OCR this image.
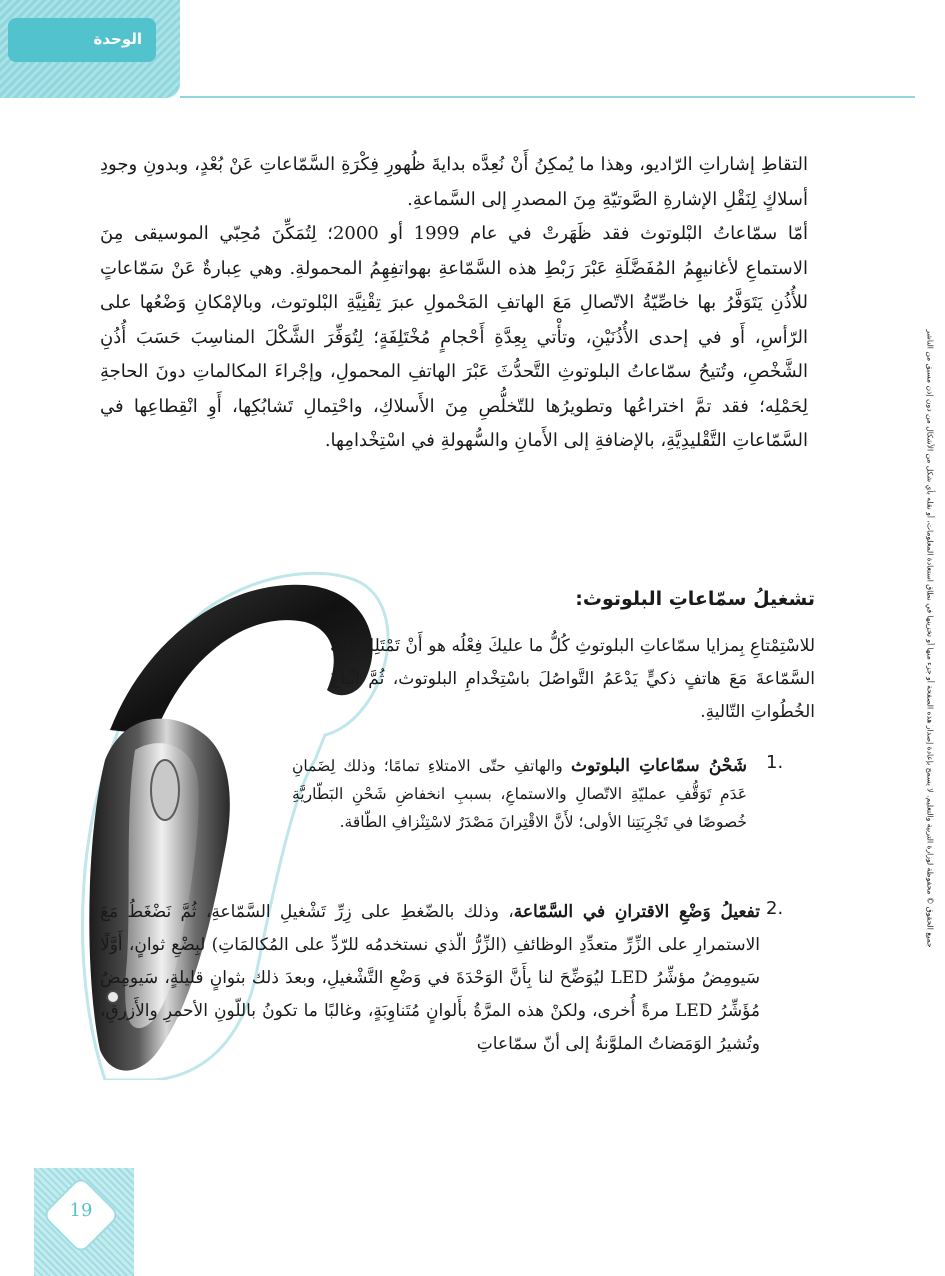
الوحدة
جميع الحقوق © محفوظة لوزارة التربية والتعليم. لا يسمح بإعادة إصدار هذه الصفحة أو جزء منها أو تخزينها في نطاق استعادة المعلومات، أو نقله بأي شكل من الأشكال من دون إذن مسبق من الناشر

التقاطِ إشاراتِ الرّاديو، وهذا ما يُمكِنُ أَنْ نُعِدَّه بدايةَ ظُهورِ فِكْرَةِ السَّمّاعاتِ عَنْ بُعْدٍ، وبدونِ وجودِ أسلاكٍ لِنَقْلِ الإشارةِ الصَّوتيّةِ مِنَ المصدرِ إلى السَّماعةِ.

أمّا سمّاعاتُ البْلوتوث فقد ظَهَرتْ في عام 1999 أو 2000؛ لِتُمَكِّنَ مُحِبّي الموسيقى مِنَ الاستماعِ لأغانيهِمُ المُفَضَّلَةِ عَبْرَ رَبْطِ هذه السَّمّاعةِ بهواتفِهِمُ المحمولةِ. وهي عِبارةٌ عَنْ سَمّاعاتٍ للأُذُنِ يَتَوَفَّرُ بها خاصِّيّةُ الاتّصالِ مَعَ الهاتفِ المَحْمولِ عبرَ تِقْنِيَّةِ البْلوتوث، وبالإمْكانِ وَضْعُها على الرّأسِ، أَو في إحدى الأُذُنَيْنِ، وتأْتي بِعِدَّةِ أَحْجامٍ مُخْتَلِفَةٍ؛ لِتُوَفِّرَ الشَّكْلَ المناسِبَ حَسَبَ أُذُنِ الشَّخْصِ، وتُتيحُ سمّاعاتُ البلوتوثِ التَّحدُّثَ عَبْرَ الهاتفِ المحمولِ، وإجْراءَ المكالماتِ دونَ الحاجةِ لِحَمْلِه؛ فقد تمَّ اختراعُها وتطويرُها للتّخلُّصِ مِنَ الأَسلاكِ، واحْتِمالِ تَشابُكِها، أَوِ انْقِطاعِها في السَّمّاعاتِ التَّقْليدِيَّةِ، بالإضافةِ إلى الأَمانِ والسُّهولةِ في اسْتِخْدامِها.

تشغيلُ سمّاعاتِ البلوتوث:
للاسْتِمْتاعِ بِمزايا سمّاعاتِ البلوتوثِ كُلُّ ما عليكَ فِعْلُه هو أَنْ تَمْتَلِكَ تلكَ السَّمّاعةَ مَعَ هاتفٍ ذكيٍّ يَدْعَمُ التَّواصُلَ باسْتِخْدامِ البلوتوث، ثُمَّ اتِّباعُ الخُطُواتِ التّاليةِ.
1.
شَحْنُ سمّاعاتِ البلوتوث والهاتفِ حتّى الامتلاءِ تمامًا؛ وذلك لِضَمانِ عَدَمِ تَوَقُّفِ عمليّةِ الاتّصالِ والاستماعِ، بسببِ انخفاضِ شَحْنِ البَطّاريَّةِ خُصوصًا في تَجْرِبَتِنا الأولى؛ لأَنَّ الاقْتِرانَ مَصْدَرٌ لاسْتِنْزافِ الطّاقة.
2.
تفعيلُ وَضْعِ الاقترانِ في السَّمّاعة، وذلك بالضّغطِ على زِرِّ تَشْغيلِ السَّمّاعةِ، ثُمَّ نَضْغَطُ مَعَ الاستمرارِ على الزِّرِّ متعدِّدِ الوظائفِ (الزِّرُّ الّذي نستخدمُه للرّدِّ على المُكالمَاتِ) لبِضْعِ ثوانٍ، أَوَّلًا سَيومِضُ مؤشِّرُ LED ليُوَضِّحَ لنا بِأَنَّ الوَحْدَةَ في وَضْعِ التَّشْغيلِ، وبعدَ ذلك بثوانٍ قليلةٍ، سَيومِضُ مُؤَشِّرُ LED مرةً أُخرى، ولكنْ هذه المرَّةُ بأَلوانٍ مُتَناوِبَةٍ، وغالبًا ما تكونُ باللّونِ الأحمرِ والأَزرقِ، وتُشيرُ الوَمَضاتُ الملوَّنةُ إلى أنّ سمّاعاتِ
19
